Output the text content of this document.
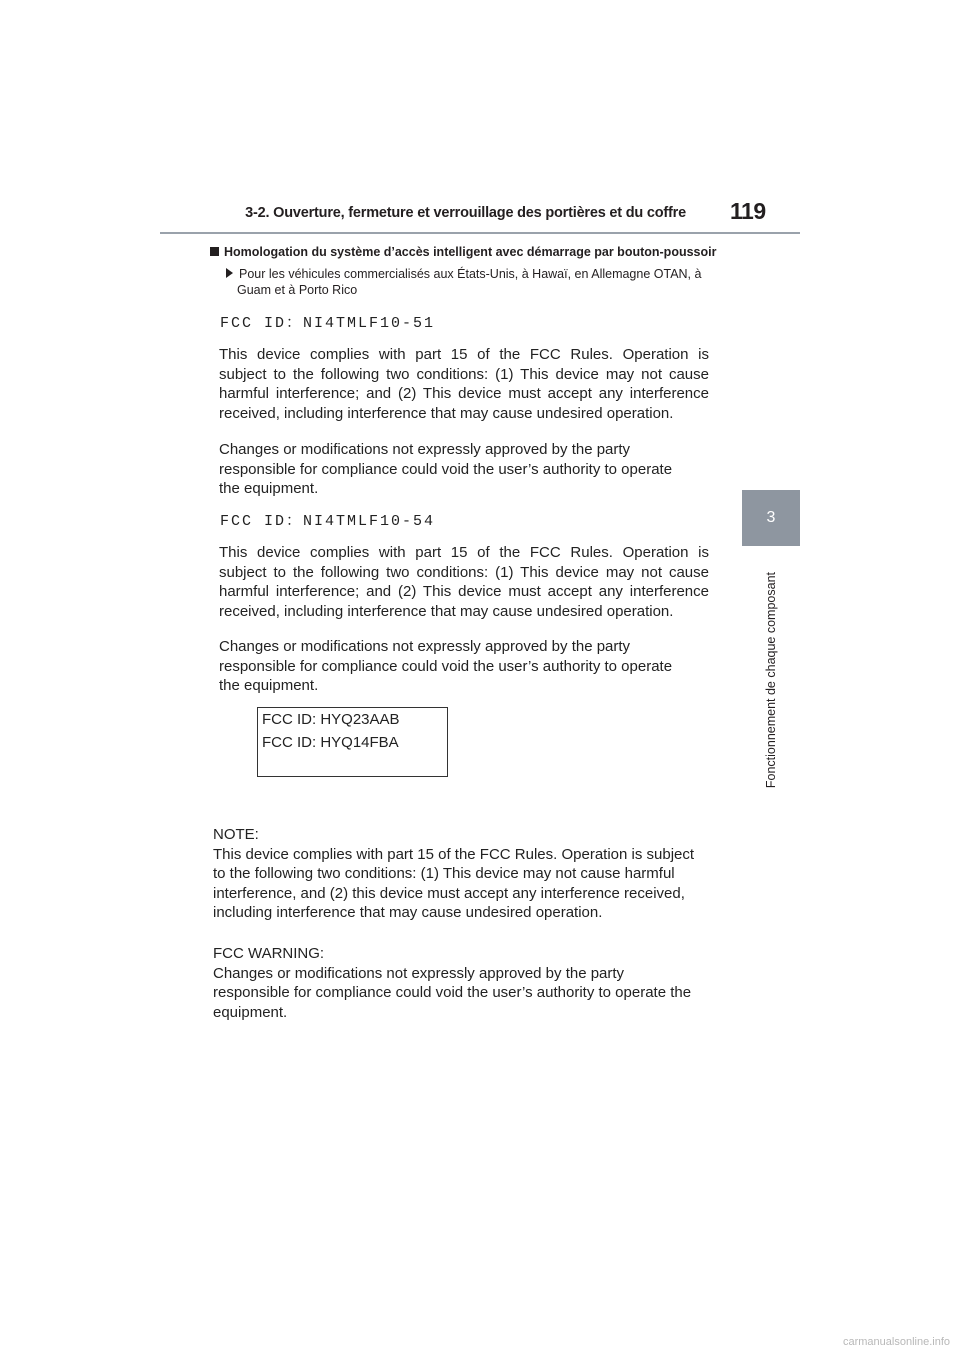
3-2. Ouverture, fermeture et verrouillage des portières et du coffre 119
3
Fonctionnement de chaque composant
Homologation du système d’accès intelligent avec démarrage par bouton-poussoir
Pour les véhicules commercialisés aux États-Unis, à Hawaï, en Allemagne OTAN, à
Guam et à Porto Rico
FCC ID：NI4TMLF10-51
This device complies with part 15 of the FCC Rules. Operation is
subject to the following two conditions: (1) This device may not cause
harmful interference; and (2) This device must accept any interference
received, including interference that may cause undesired operation.
Changes or modifications not expressly approved by the party
responsible for compliance could void the user’s authority to operate
the equipment.
FCC ID：NI4TMLF10-54
This device complies with part 15 of the FCC Rules. Operation is
subject to the following two conditions: (1) This device may not cause
harmful interference; and (2) This device must accept any interference
received, including interference that may cause undesired operation.
Changes or modifications not expressly approved by the party
responsible for compliance could void the user’s authority to operate
the equipment.
FCC ID: HYQ23AAB
FCC ID: HYQ14FBA
NOTE:
This device complies with part 15 of the FCC Rules. Operation is subject
to the following two conditions: (1) This device may not cause harmful
interference, and (2) this device must accept any interference received,
including interference that may cause undesired operation.
FCC WARNING:
Changes or modifications not expressly approved by the party
responsible for compliance could void the user’s authority to operate the
equipment.
carmanualsonline.info
